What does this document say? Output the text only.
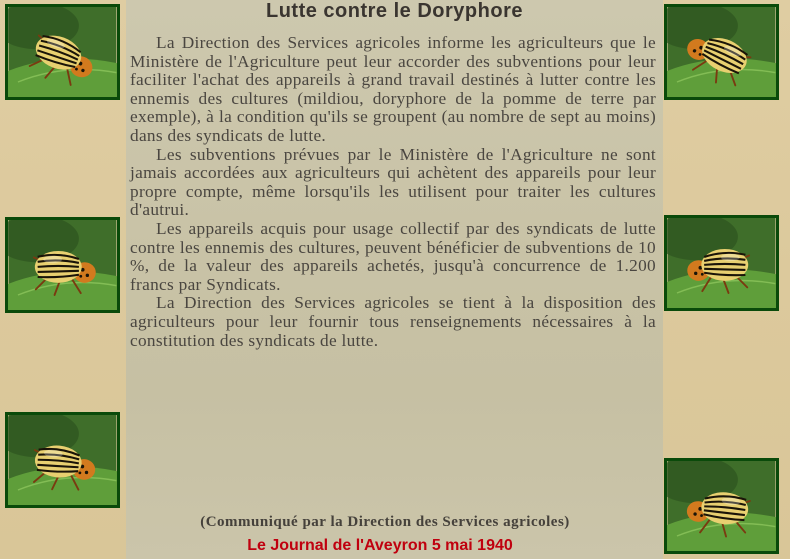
Lutte contre le Doryphore

La Direction des Services agricoles informe les agriculteurs que le Ministère de l'Agriculture peut leur accorder des subventions pour leur faciliter l'achat des appareils à grand travail destinés à lutter contre les ennemis des cultures (mildiou, doryphore de la pomme de terre par exemple), à la condition qu'ils se groupent (au nombre de sept au moins) dans des syndicats de lutte.

Les subventions prévues par le Ministère de l'Agriculture ne sont jamais accordées aux agriculteurs qui achètent des appareils pour leur propre compte, même lorsqu'ils les utilisent pour traiter les cultures d'autrui.

Les appareils acquis pour usage collectif par des syndicats de lutte contre les ennemis des cultures, peuvent bénéficier de subventions de 10 %, de la valeur des appareils achetés, jusqu'à concurrence de 1.200 francs par Syndicats.

La Direction des Services agricoles se tient à la disposition des agriculteurs pour leur fournir tous renseignements nécessaires à la constitution des syndicats de lutte.

(Communiqué par la Direction des Services agricoles)
Le Journal de l'Aveyron 5 mai 1940
